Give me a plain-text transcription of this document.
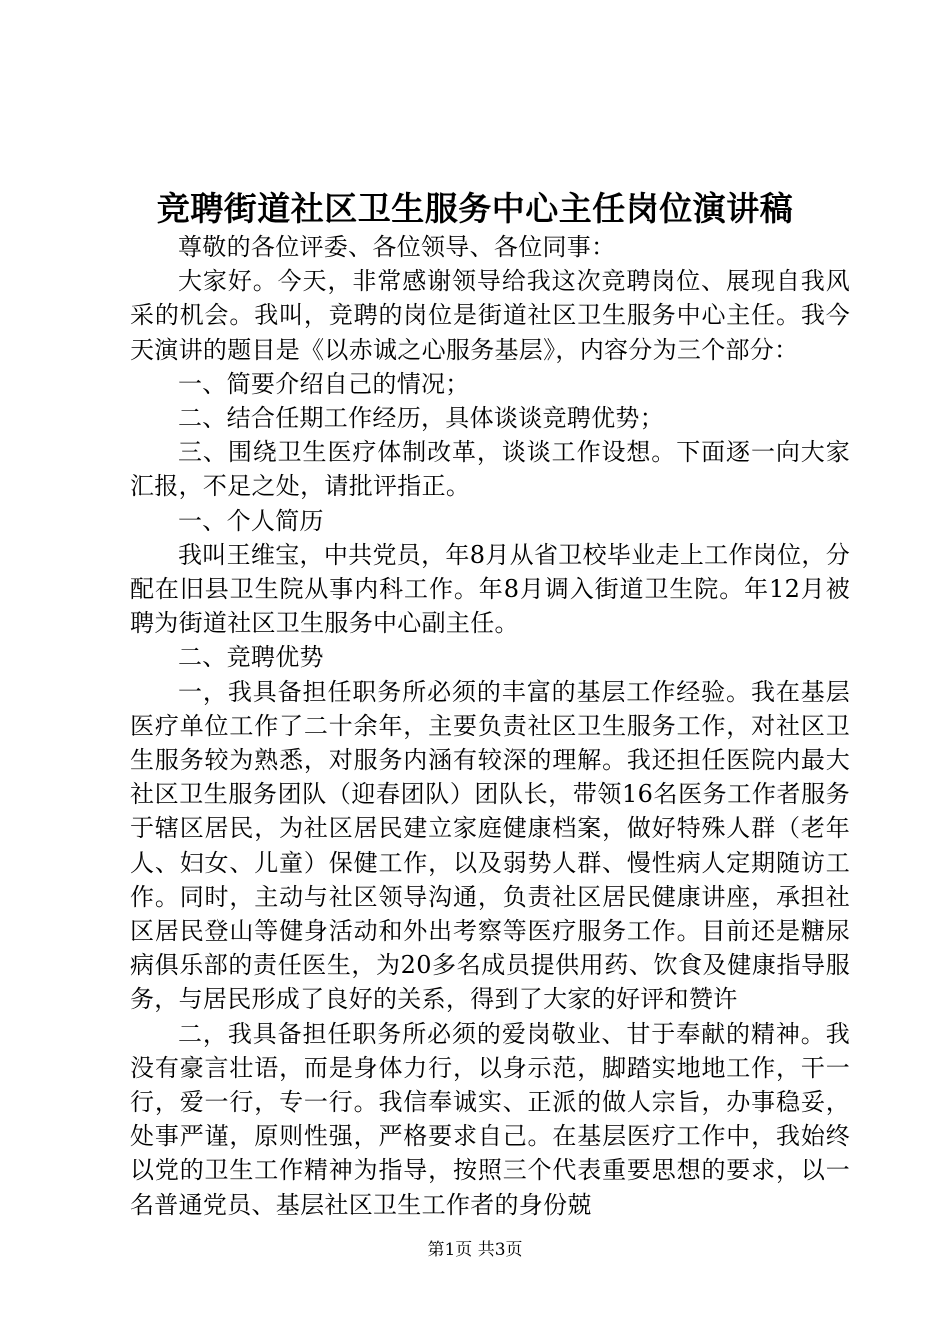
竞聘街道社区卫生服务中心主任岗位演讲稿

尊敬的各位评委、各位领导、各位同事：

大家好。今天，非常感谢领导给我这次竞聘岗位、展现自我风采的机会。我叫，竞聘的岗位是街道社区卫生服务中心主任。我今天演讲的题目是《以赤诚之心服务基层》，内容分为三个部分：

一、简要介绍自己的情况；

二、结合任期工作经历，具体谈谈竞聘优势；

三、围绕卫生医疗体制改革，谈谈工作设想。下面逐一向大家汇报，不足之处，请批评指正。

一、个人简历

我叫王维宝，中共党员，年8月从省卫校毕业走上工作岗位，分配在旧县卫生院从事内科工作。年8月调入街道卫生院。年12月被聘为街道社区卫生服务中心副主任。

二、竞聘优势

一，我具备担任职务所必须的丰富的基层工作经验。我在基层医疗单位工作了二十余年，主要负责社区卫生服务工作，对社区卫生服务较为熟悉，对服务内涵有较深的理解。我还担任医院内最大社区卫生服务团队（迎春团队）团队长，带领16名医务工作者服务于辖区居民，为社区居民建立家庭健康档案，做好特殊人群（老年人、妇女、儿童）保健工作，以及弱势人群、慢性病人定期随访工作。同时，主动与社区领导沟通，负责社区居民健康讲座，承担社区居民登山等健身活动和外出考察等医疗服务工作。目前还是糖尿病俱乐部的责任医生，为20多名成员提供用药、饮食及健康指导服务，与居民形成了良好的关系，得到了大家的好评和赞许

二，我具备担任职务所必须的爱岗敬业、甘于奉献的精神。我没有豪言壮语，而是身体力行，以身示范，脚踏实地地工作，干一行，爱一行，专一行。我信奉诚实、正派的做人宗旨，办事稳妥，处事严谨，原则性强，严格要求自己。在基层医疗工作中，我始终以党的卫生工作精神为指导，按照三个代表重要思想的要求，以一名普通党员、基层社区卫生工作者的身份兢

第1页 共3页
